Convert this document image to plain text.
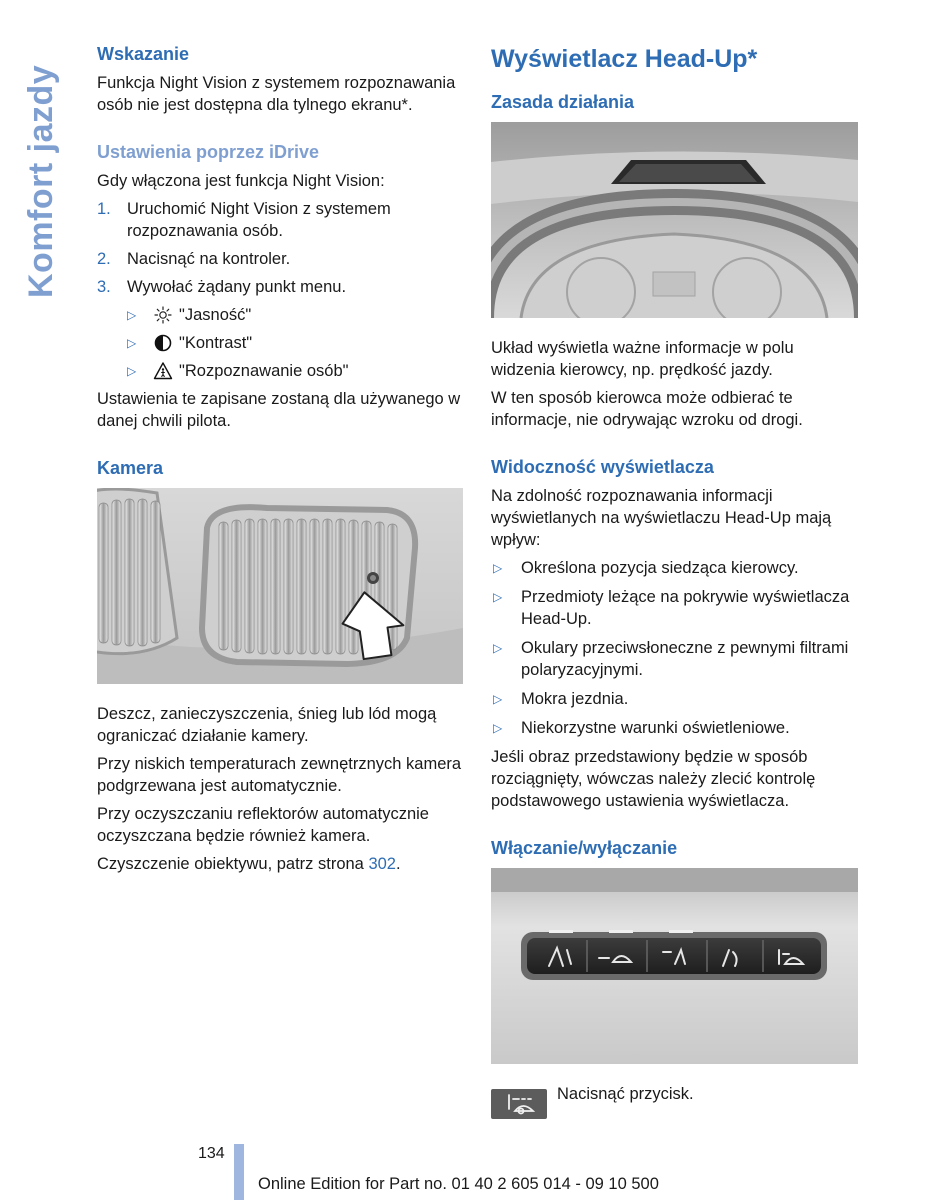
Komfort jazdy
Wskazanie

Funkcja Night Vision z systemem rozpoznawania osób nie jest dostępna dla tylnego ekranu*.

Ustawienia poprzez iDrive

Gdy włączona jest funkcja Night Vision:

1. Uruchomić Night Vision z systemem rozpoznawania osób.
2. Nacisnąć na kontroler.
3. Wywołać żądany punkt menu.
▷	"Jasność"
▷	"Kontrast"
▷	"Rozpoznawanie osób"

Ustawienia te zapisane zostaną dla używanego w danej chwili pilota.

Kamera

Deszcz, zanieczyszczenia, śnieg lub lód mogą ograniczać działanie kamery.

Przy niskich temperaturach zewnętrznych kamera podgrzewana jest automatycznie.

Przy oczyszczaniu reflektorów automatycznie oczyszczana będzie również kamera.

Czyszczenie obiektywu, patrz strona 302.

Wyświetlacz Head-Up*
Zasada działania

Układ wyświetla ważne informacje w polu widzenia kierowcy, np. prędkość jazdy.

W ten sposób kierowca może odbierać te informacje, nie odrywając wzroku od drogi.

Widoczność wyświetlacza

Na zdolność rozpoznawania informacji wyświetlanych na wyświetlaczu Head-Up mają wpływ:

▷ Określona pozycja siedząca kierowcy.
▷ Przedmioty leżące na pokrywie wyświetlacza Head-Up.
▷ Okulary przeciwsłoneczne z pewnymi filtrami polaryzacyjnymi.
▷ Mokra jezdnia.
▷ Niekorzystne warunki oświetleniowe.

Jeśli obraz przedstawiony będzie w sposób rozciągnięty, wówczas należy zlecić kontrolę podstawowego ustawienia wyświetlacza.

Włączanie/wyłączanie
Nacisnąć przycisk.
134
Online Edition for Part no. 01 40 2 605 014 - 09 10 500
